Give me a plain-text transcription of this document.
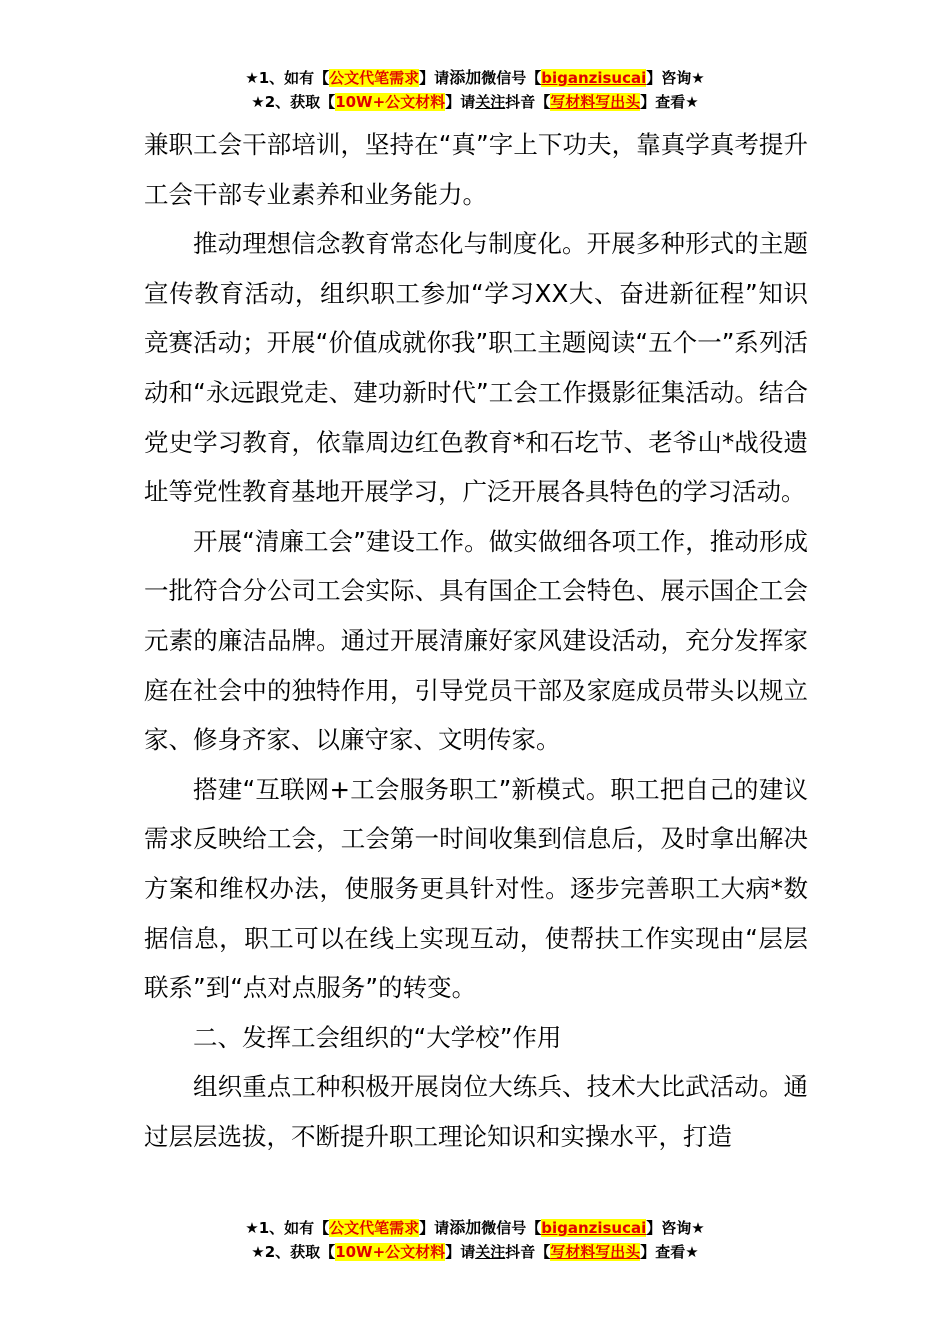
★1、如有【公文代笔需求】请添加微信号【biganzisucai】咨询★
★2、获取【10W+公文材料】请关注抖音【写材料写出头】查看★

兼职工会干部培训，坚持在“真”字上下功夫，靠真学真考提升工会干部专业素养和业务能力。

推动理想信念教育常态化与制度化。开展多种形式的主题宣传教育活动，组织职工参加“学习XX大、奋进新征程”知识竞赛活动；开展“价值成就你我”职工主题阅读“五个一”系列活动和“永远跟党走、建功新时代”工会工作摄影征集活动。结合党史学习教育，依靠周边红色教育*和石圪节、老爷山*战役遗址等党性教育基地开展学习，广泛开展各具特色的学习活动。

开展“清廉工会”建设工作。做实做细各项工作，推动形成一批符合分公司工会实际、具有国企工会特色、展示国企工会元素的廉洁品牌。通过开展清廉好家风建设活动，充分发挥家庭在社会中的独特作用，引导党员干部及家庭成员带头以规立家、修身齐家、以廉守家、文明传家。

搭建“互联网+工会服务职工”新模式。职工把自己的建议需求反映给工会，工会第一时间收集到信息后，及时拿出解决方案和维权办法，使服务更具针对性。逐步完善职工大病*数据信息，职工可以在线上实现互动，使帮扶工作实现由“层层联系”到“点对点服务”的转变。

二、发挥工会组织的“大学校”作用

组织重点工种积极开展岗位大练兵、技术大比武活动。通过层层选拔，不断提升职工理论知识和实操水平，打造

★1、如有【公文代笔需求】请添加微信号【biganzisucai】咨询★
★2、获取【10W+公文材料】请关注抖音【写材料写出头】查看★
